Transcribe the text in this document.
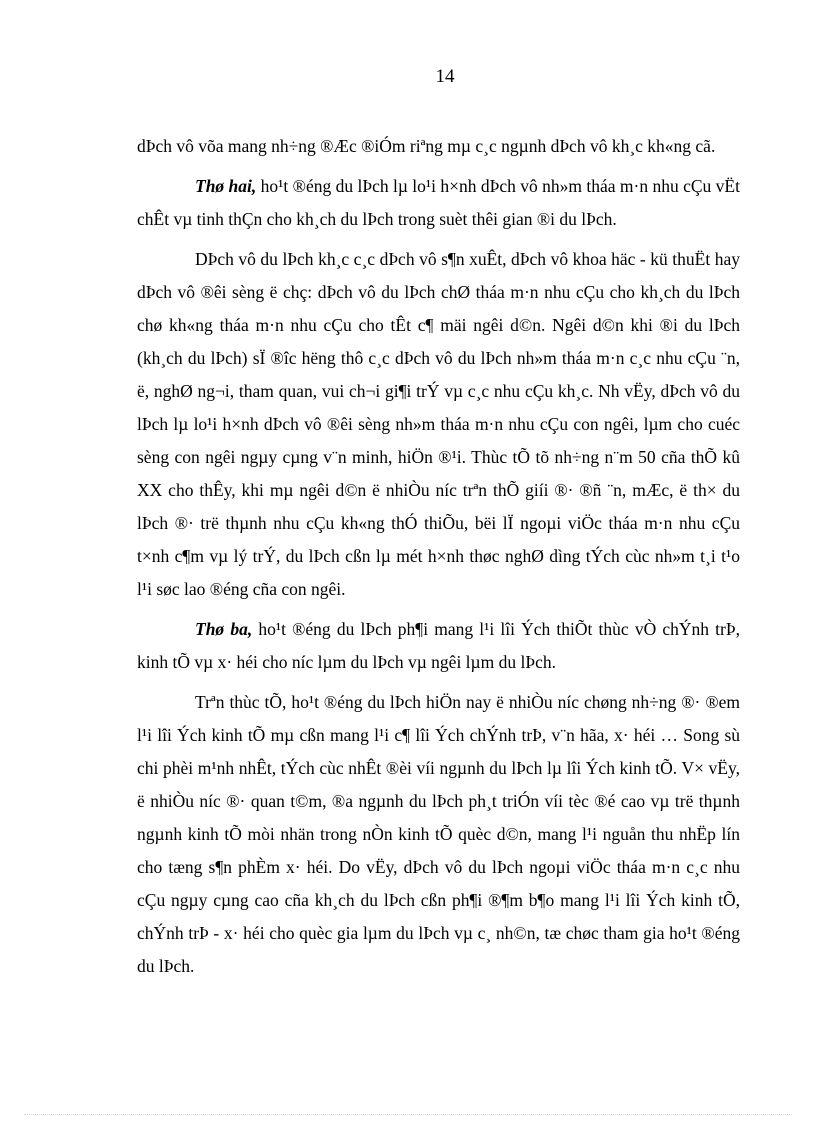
14

dÞch vô võa mang nh÷ng ®Æc ®iÓm riªng mµ c¸c ngµnh dÞch vô kh¸c kh«ng cã.

Thø hai, ho¹t ®éng du lÞch lµ lo¹i h×nh dÞch vô nh»m tháa m·n nhu cÇu vËt chÊt vµ tinh thÇn cho kh¸ch du lÞch trong suèt thêi gian ®i du lÞch.

DÞch vô du lÞch kh¸c c¸c dÞch vô s¶n xuÊt, dÞch vô khoa häc - kü thuËt hay dÞch vô ®êi sèng ë chç: dÞch vô du lÞch chØ tháa m·n nhu cÇu cho kh¸ch du lÞch chø kh«ng tháa m·n nhu cÇu cho tÊt c¶ mäi ngêi d©n. Ngêi d©n khi ®i du lÞch (kh¸ch du lÞch) sÏ ®îc hëng thô c¸c dÞch vô du lÞch nh»m tháa m·n c¸c nhu cÇu ¨n, ë, nghØ ng¬i, tham quan, vui ch¬i gi¶i trÝ vµ c¸c nhu cÇu kh¸c. Nh vËy, dÞch vô du lÞch lµ lo¹i h×nh dÞch vô ®êi sèng nh»m tháa m·n nhu cÇu con ngêi, lµm cho cuéc sèng con ngêi ngµy cµng v¨n minh, hiÖn ®¹i. Thùc tÕ tõ nh÷ng n¨m 50 cña thÕ kû XX cho thÊy, khi mµ ngêi d©n ë nhiÒu níc trªn thÕ giíi ®· ®ñ ¨n, mÆc, ë th× du lÞch ®· trë thµnh nhu cÇu kh«ng thÓ thiÕu, bëi lÏ ngoµi viÖc tháa m·n nhu cÇu t×nh c¶m vµ lý trÝ, du lÞch cßn lµ mét h×nh thøc nghØ dìng tÝch cùc nh»m t¸i t¹o l¹i søc lao ®éng cña con ngêi.

Thø ba, ho¹t ®éng du lÞch ph¶i mang l¹i lîi Ých thiÕt thùc vÒ chÝnh trÞ, kinh tÕ vµ x· héi cho níc lµm du lÞch vµ ngêi lµm du lÞch.

Trªn thùc tÕ, ho¹t ®éng du lÞch hiÖn nay ë nhiÒu níc chøng nh÷ng ®· ®em l¹i lîi Ých kinh tÕ mµ cßn mang l¹i c¶ lîi Ých chÝnh trÞ, v¨n hãa, x· héi … Song sù chi phèi m¹nh nhÊt, tÝch cùc nhÊt ®èi víi ngµnh du lÞch lµ lîi Ých kinh tÕ. V× vËy, ë nhiÒu níc ®· quan t©m, ®a ngµnh du lÞch ph¸t triÓn víi tèc ®é cao vµ trë thµnh ngµnh kinh tÕ mòi nhän trong nÒn kinh tÕ quèc d©n, mang l¹i nguån thu nhËp lín cho tæng s¶n phÈm x· héi. Do vËy, dÞch vô du lÞch ngoµi viÖc tháa m·n c¸c nhu cÇu ngµy cµng cao cña kh¸ch du lÞch cßn ph¶i ®¶m b¶o mang l¹i lîi Ých kinh tÕ, chÝnh trÞ - x· héi cho quèc gia lµm du lÞch vµ c¸ nh©n, tæ chøc tham gia ho¹t ®éng du lÞch.
